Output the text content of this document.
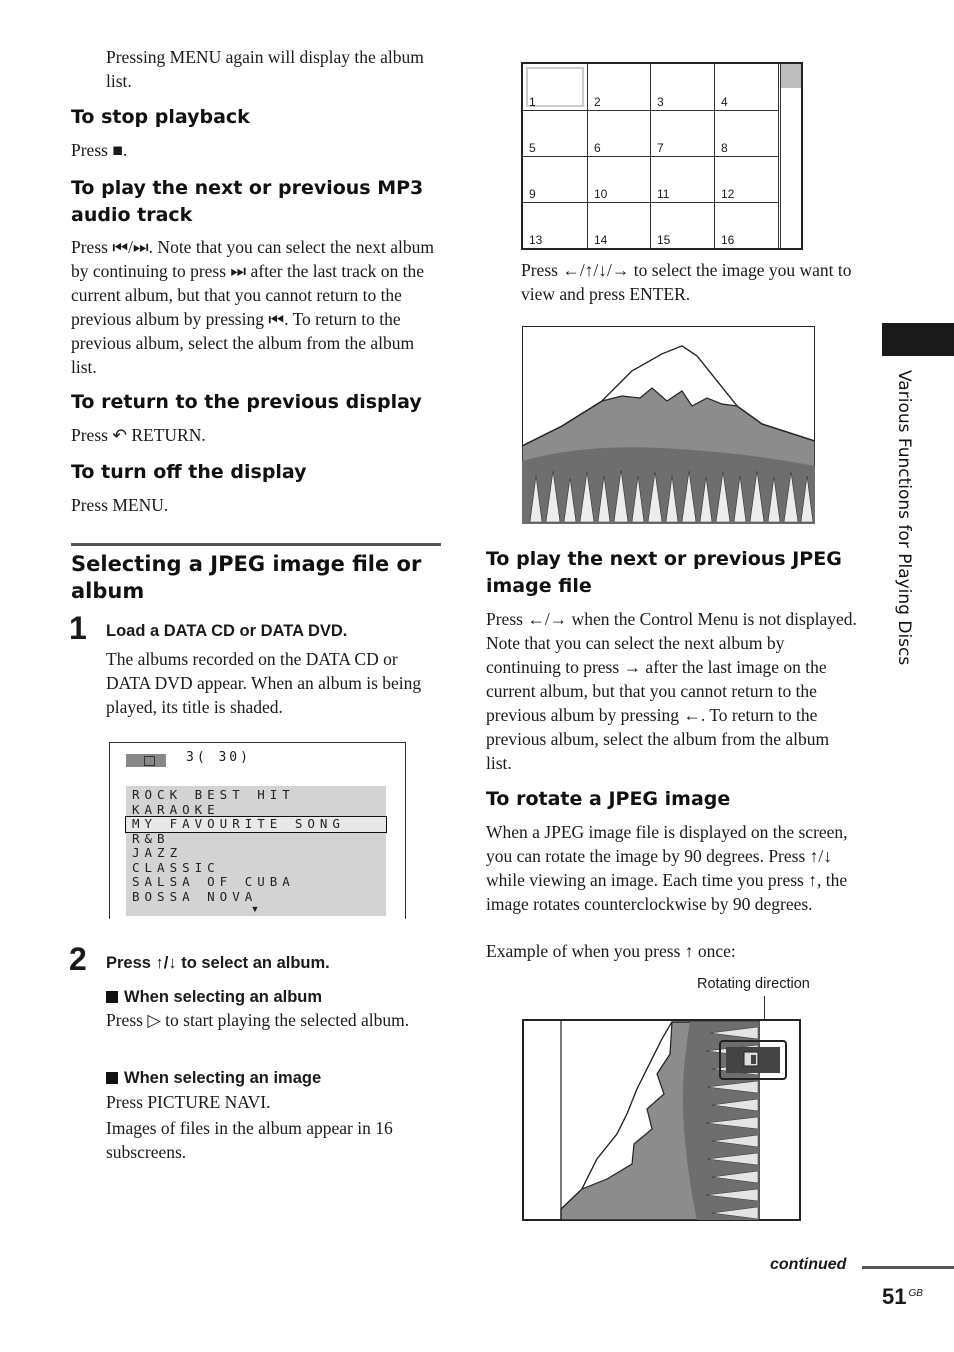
Pressing MENU again will display the album list.

To stop playback

Press ■.

To play the next or previous MP3 audio track

Press ⏮/⏭. Note that you can select the next album by continuing to press ⏭ after the last track on the current album, but that you cannot return to the previous album by pressing ⏮. To return to the previous album, select the album from the album list.

To return to the previous display

Press ↶ RETURN.

To turn off the display

Press MENU.

Selecting a JPEG image file or album
1 Load a DATA CD or DATA DVD.

The albums recorded on the DATA CD or DATA DVD appear. When an album is being played, its title is shaded.

3( 30)
ROCK BEST HIT
KARAOKE
MY FAVOURITE SONG
R&B
JAZZ
CLASSIC
SALSA OF CUBA
BOSSA NOVA
▼
2 Press ↑/↓ to select an album.
When selecting an album

Press ▷ to start playing the selected album.

When selecting an image

Press PICTURE NAVI.

Images of files in the album appear in 16 subscreens.

1	2	3	4
5	6	7	8
9	10	11	12
13	14	15	16

Press ←/↑/↓/→ to select the image you want to view and press ENTER.

To play the next or previous JPEG image file

Press ←/→ when the Control Menu is not displayed. Note that you can select the next album by continuing to press → after the last image on the current album, but that you cannot return to the previous album by pressing ←. To return to the previous album, select the album from the album list.

To rotate a JPEG image

When a JPEG image file is displayed on the screen, you can rotate the image by 90 degrees. Press ↑/↓ while viewing an image. Each time you press ↑, the image rotates counterclockwise by 90 degrees.

Example of when you press ↑ once:

Rotating direction
Various Functions for Playing Discs
continued
51 $^{GB}$
